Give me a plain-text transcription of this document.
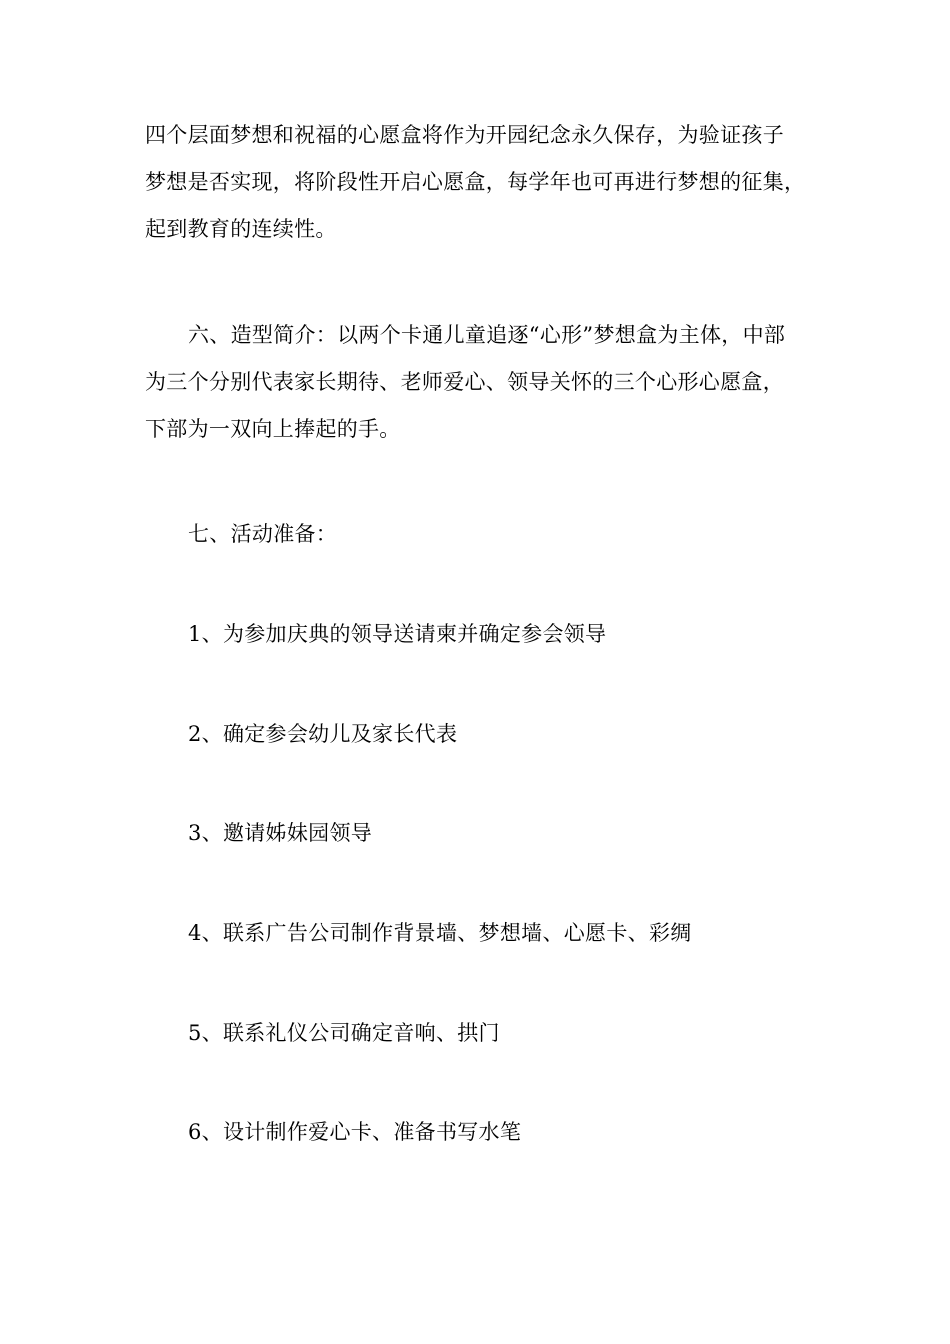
四个层面梦想和祝福的心愿盒将作为开园纪念永久保存，为验证孩子
梦想是否实现，将阶段性开启心愿盒，每学年也可再进行梦想的征集，
起到教育的连续性。
六、造型简介：以两个卡通儿童追逐“心形”梦想盒为主体，中部
为三个分别代表家长期待、老师爱心、领导关怀的三个心形心愿盒，
下部为一双向上捧起的手。
七、活动准备：
1、为参加庆典的领导送请柬并确定参会领导
2、确定参会幼儿及家长代表
3、邀请姊妹园领导
4、联系广告公司制作背景墙、梦想墙、心愿卡、彩绸
5、联系礼仪公司确定音响、拱门
6、设计制作爱心卡、准备书写水笔
